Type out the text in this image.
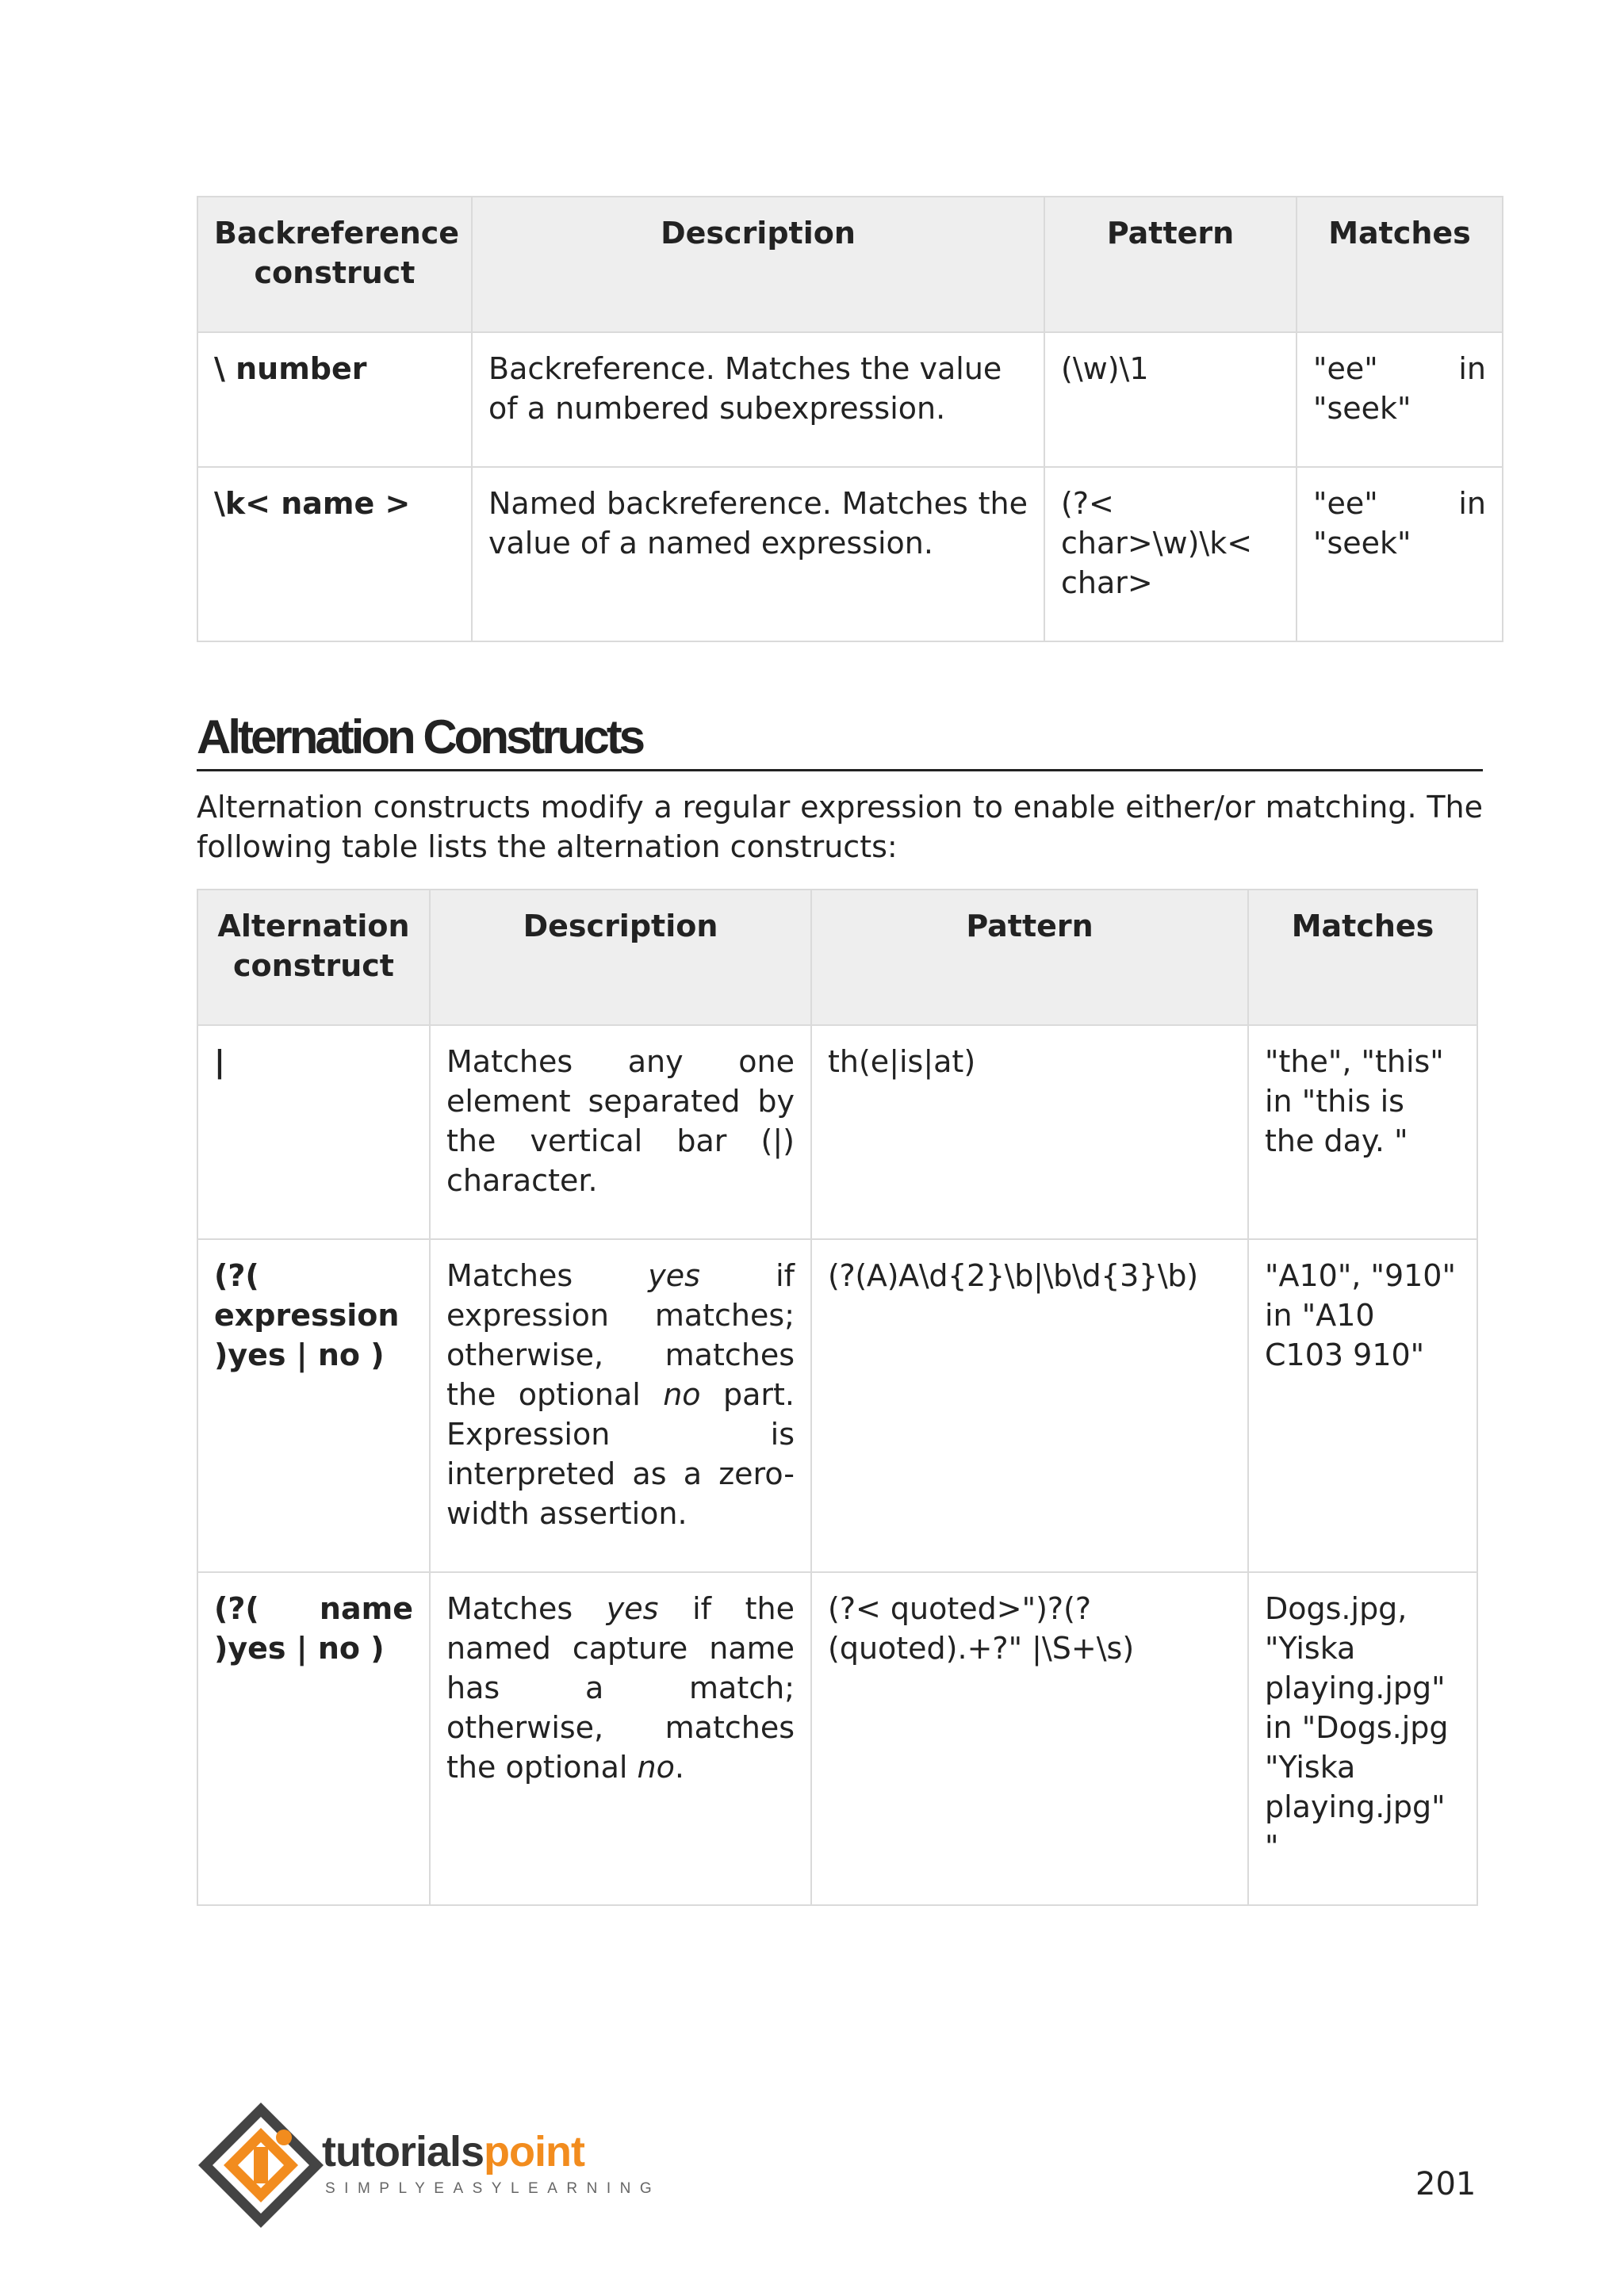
Backreference construct	Description	Pattern	Matches
\ number	Backreference. Matches the value of a numbered subexpression.	(\w)\1	"ee" in "seek"
\k< name >	Named backreference. Matches the value of a named expression.	(?< char>\w)\k< char>	"ee" in "seek"
Alternation Constructs

Alternation constructs modify a regular expression to enable either/or matching. The following table lists the alternation constructs:

Alternation construct	Description	Pattern	Matches
|	Matches any one element separated by the vertical bar (|) character.	th(e|is|at)	"the", "this" in "this is the day. "
(?( expression )yes | no )	Matches yes if expression matches; otherwise, matches the optional no part. Expression is interpreted as a zero-width assertion.	(?(A)A\d{2}\b|\b\d{3}\b)	"A10", "910" in "A10 C103 910"
(?( name )yes | no )	Matches yes if the named capture name has a match; otherwise, matches the optional no.	(?< quoted>")?(?(quoted).+?" |\S+\s)	Dogs.jpg, "Yiska playing.jpg" in "Dogs.jpg "Yiska playing.jpg" "
tutorialspoint
SIMPLYEASYLEARNING	201
